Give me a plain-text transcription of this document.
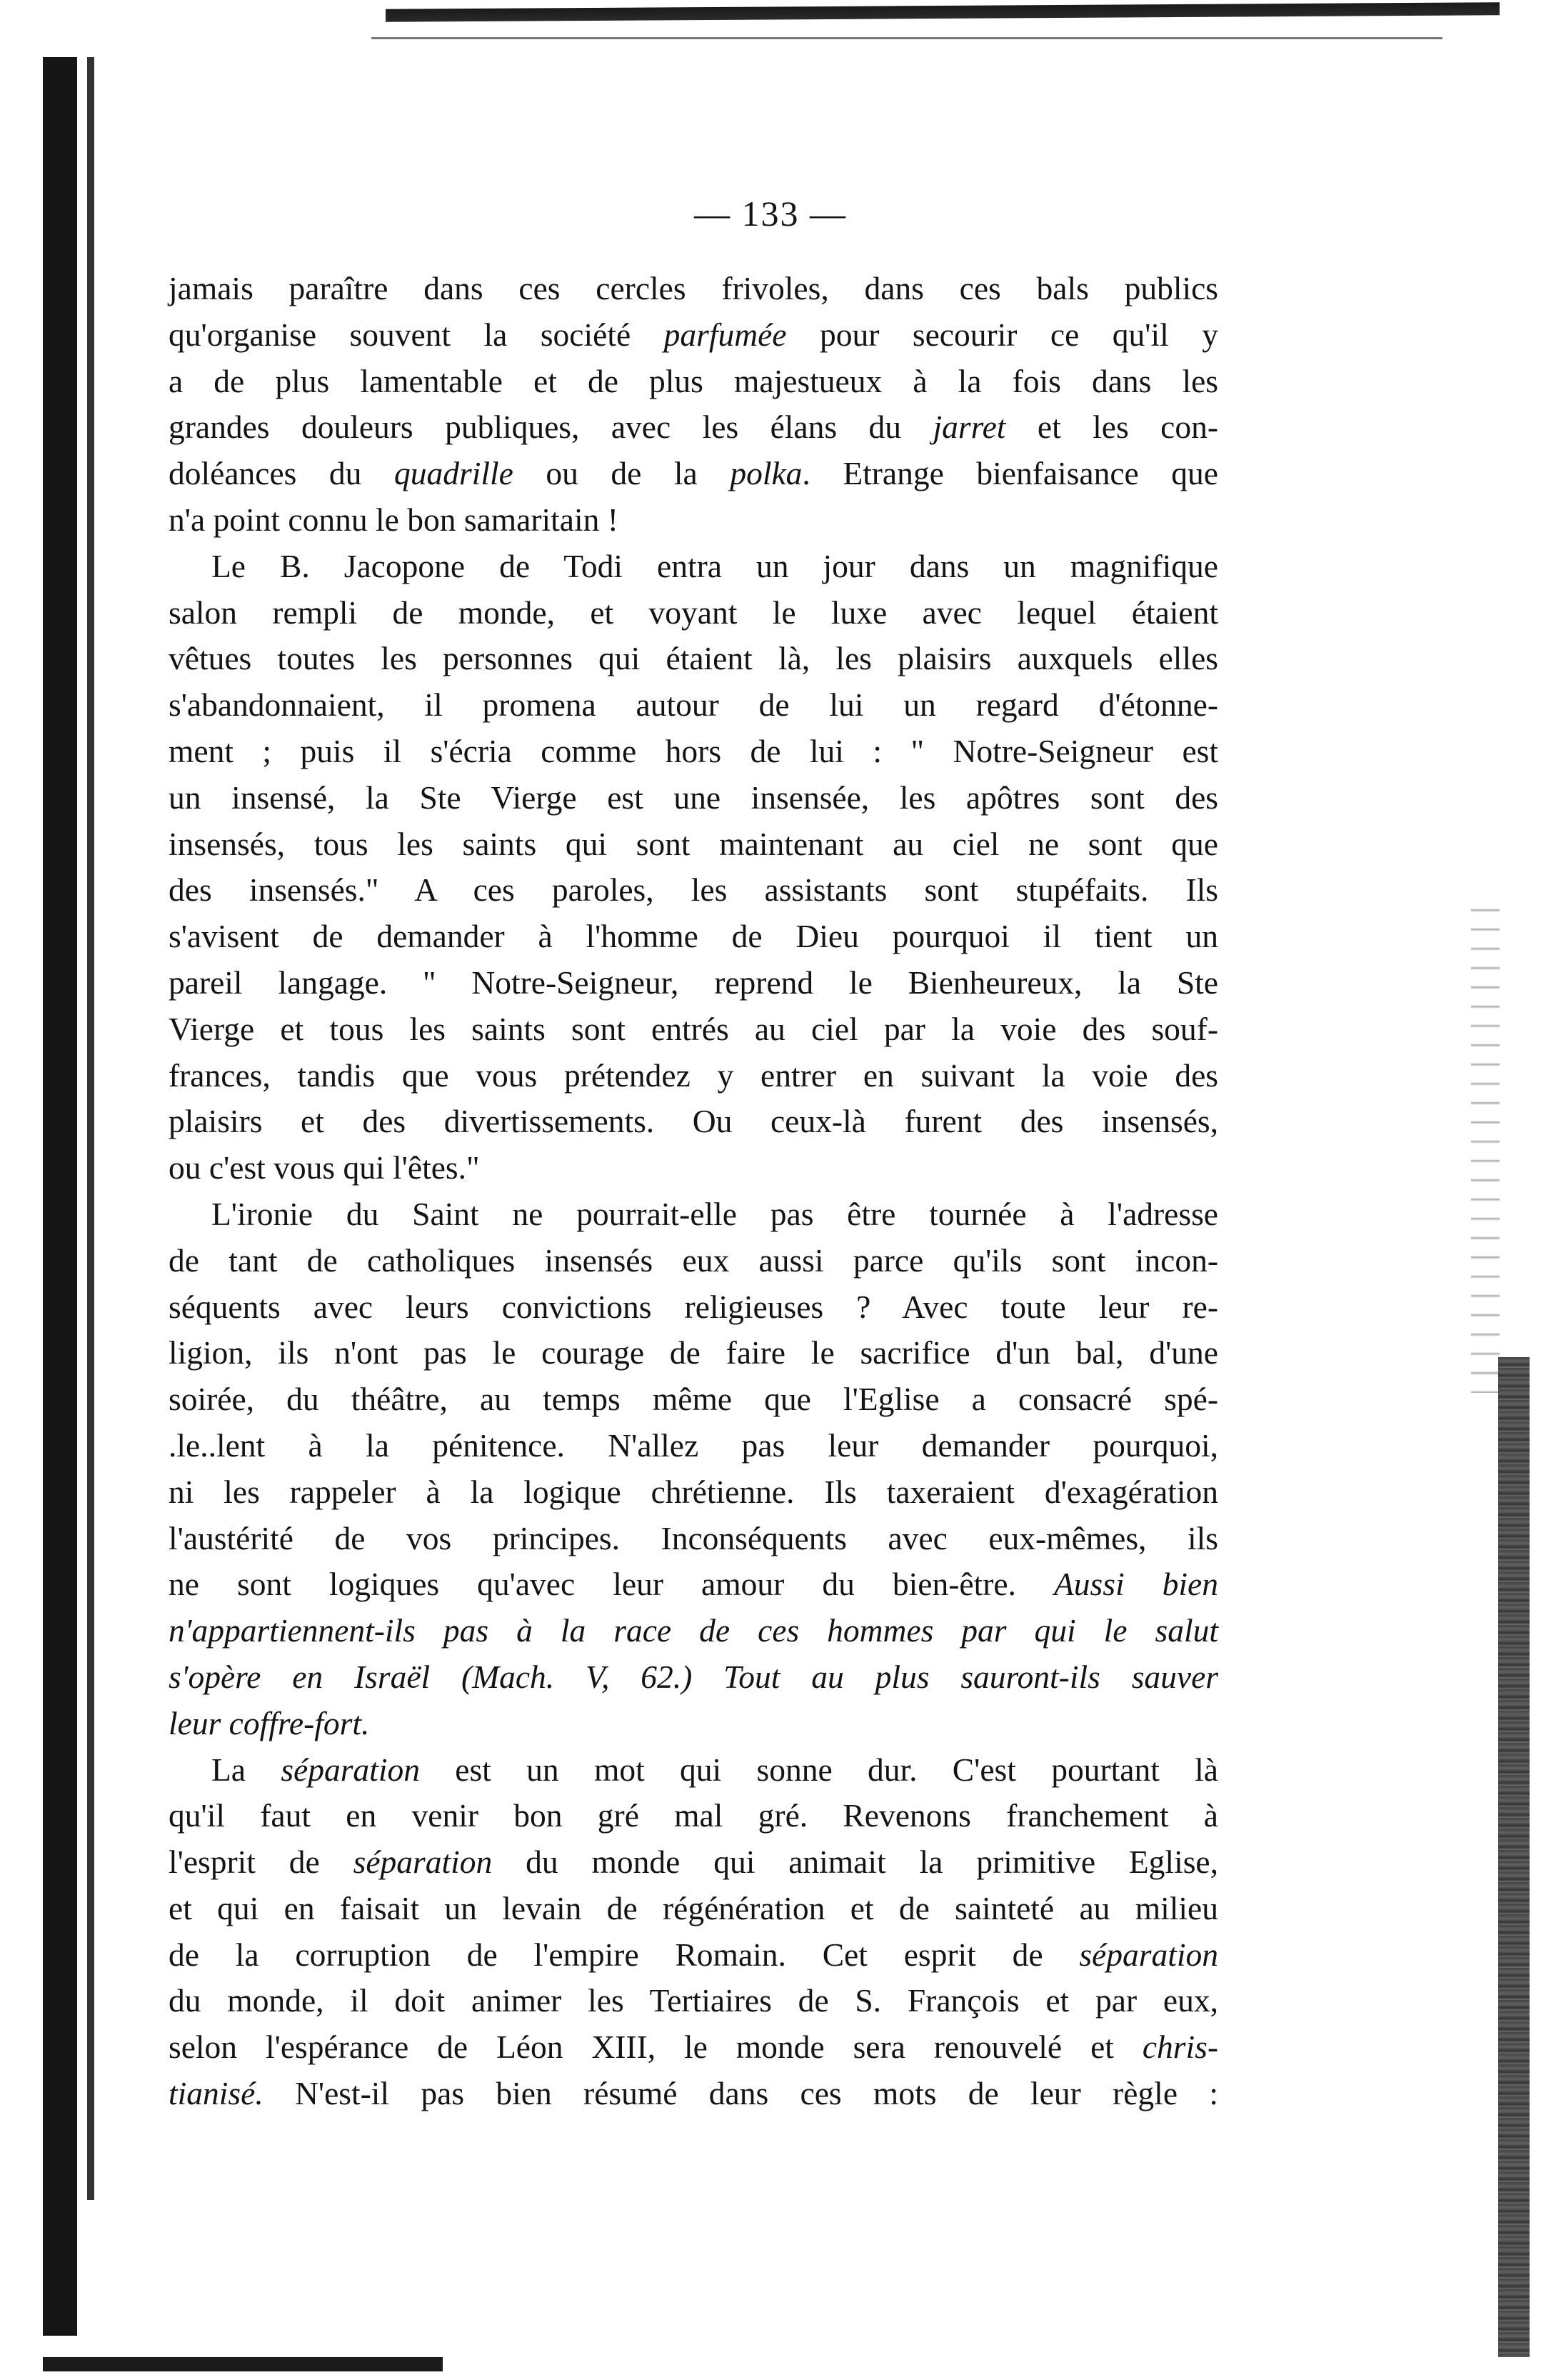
— 133 —
jamais paraître dans ces cercles frivoles, dans ces bals publics
qu'organise souvent la société parfumée pour secourir ce qu'il y
a de plus lamentable et de plus majestueux à la fois dans les
grandes douleurs publiques, avec les élans du jarret et les con-
doléances du quadrille ou de la polka. Etrange bienfaisance que
n'a point connu le bon samaritain !
Le B. Jacopone de Todi entra un jour dans un magnifique
salon rempli de monde, et voyant le luxe avec lequel étaient
vêtues toutes les personnes qui étaient là, les plaisirs auxquels elles
s'abandonnaient, il promena autour de lui un regard d'étonne-
ment ; puis il s'écria comme hors de lui : " Notre-Seigneur est
un insensé, la Ste Vierge est une insensée, les apôtres sont des
insensés, tous les saints qui sont maintenant au ciel ne sont que
des insensés." A ces paroles, les assistants sont stupéfaits. Ils
s'avisent de demander à l'homme de Dieu pourquoi il tient un
pareil langage. " Notre-Seigneur, reprend le Bienheureux, la Ste
Vierge et tous les saints sont entrés au ciel par la voie des souf-
frances, tandis que vous prétendez y entrer en suivant la voie des
plaisirs et des divertissements. Ou ceux-là furent des insensés,
ou c'est vous qui l'êtes."
L'ironie du Saint ne pourrait-elle pas être tournée à l'adresse
de tant de catholiques insensés eux aussi parce qu'ils sont incon-
séquents avec leurs convictions religieuses ? Avec toute leur re-
ligion, ils n'ont pas le courage de faire le sacrifice d'un bal, d'une
soirée, du théâtre, au temps même que l'Eglise a consacré spé-
.le..lent à la pénitence. N'allez pas leur demander pourquoi,
ni les rappeler à la logique chrétienne. Ils taxeraient d'exagération
l'austérité de vos principes. Inconséquents avec eux-mêmes, ils
ne sont logiques qu'avec leur amour du bien-être. Aussi bien
n'appartiennent-ils pas à la race de ces hommes par qui le salut
s'opère en Israël (Mach. V, 62.) Tout au plus sauront-ils sauver
leur coffre-fort.
La séparation est un mot qui sonne dur. C'est pourtant là
qu'il faut en venir bon gré mal gré. Revenons franchement à
l'esprit de séparation du monde qui animait la primitive Eglise,
et qui en faisait un levain de régénération et de sainteté au milieu
de la corruption de l'empire Romain. Cet esprit de séparation
du monde, il doit animer les Tertiaires de S. François et par eux,
selon l'espérance de Léon XIII, le monde sera renouvelé et chris-
tianisé. N'est-il pas bien résumé dans ces mots de leur règle :
